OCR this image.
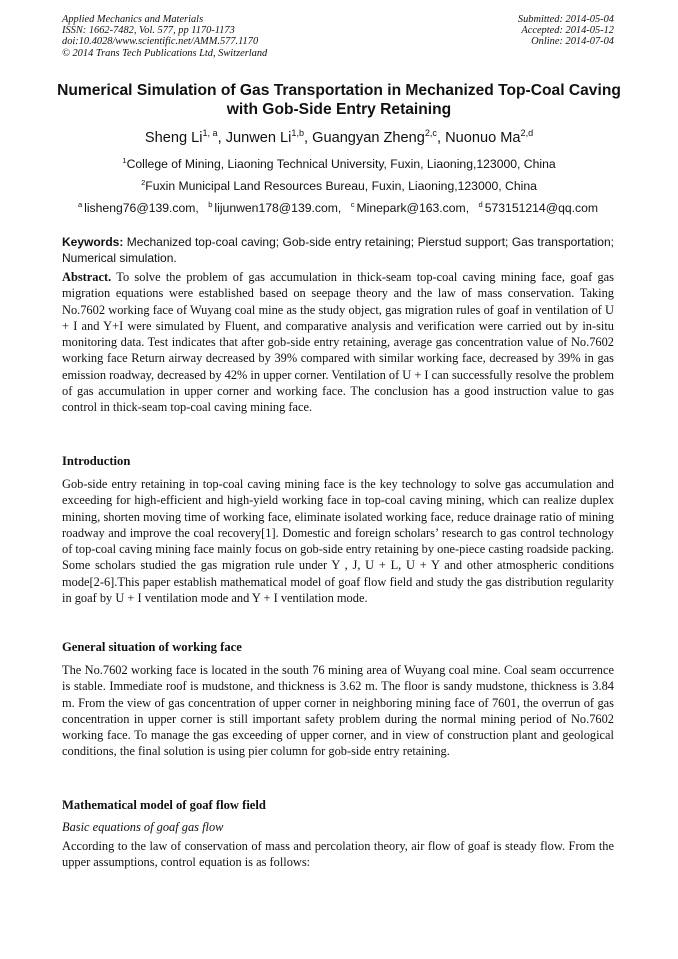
Applied Mechanics and Materials
ISSN: 1662-7482, Vol. 577, pp 1170-1173
doi:10.4028/www.scientific.net/AMM.577.1170
© 2014 Trans Tech Publications Ltd, Switzerland
Submitted: 2014-05-04
Accepted: 2014-05-12
Online: 2014-07-04
Numerical Simulation of Gas Transportation in Mechanized Top-Coal Caving with Gob-Side Entry Retaining
Sheng Li$^{1, a}$, Junwen Li$^{1,b}$, Guangyan Zheng$^{2,c}$, Nuonuo Ma$^{2,d}$
$^1$College of Mining, Liaoning Technical University, Fuxin, Liaoning,123000, China
$^2$Fuxin Municipal Land Resources Bureau, Fuxin, Liaoning,123000, China
$^a$ lisheng76@139.com, $^b$ lijunwen178@139.com, $^c$ Minepark@163.com, $^d$ 573151214@qq.com
Keywords: Mechanized top-coal caving; Gob-side entry retaining; Pierstud support; Gas transportation; Numerical simulation.
Abstract. To solve the problem of gas accumulation in thick-seam top-coal caving mining face, goaf gas migration equations were established based on seepage theory and the law of mass conservation. Taking No.7602 working face of Wuyang coal mine as the study object, gas migration rules of goaf in ventilation of U + I and Y+I were simulated by Fluent, and comparative analysis and verification were carried out by in-situ monitoring data. Test indicates that after gob-side entry retaining, average gas concentration value of No.7602 working face Return airway decreased by 39% compared with similar working face, decreased by 39% in gas emission roadway, decreased by 42% in upper corner. Ventilation of U + I can successfully resolve the problem of gas accumulation in upper corner and working face. The conclusion has a good instruction value to gas control in thick-seam top-coal caving mining face.
Introduction
Gob-side entry retaining in top-coal caving mining face is the key technology to solve gas accumulation and exceeding for high-efficient and high-yield working face in top-coal caving mining, which can realize duplex mining, shorten moving time of working face, eliminate isolated working face, reduce drainage ratio of mining roadway and improve the coal recovery[1]. Domestic and foreign scholars’ research to gas control technology of top-coal caving mining face mainly focus on gob-side entry retaining by one-piece casting roadside packing. Some scholars studied the gas migration rule under Y , J, U + L, U + Y and other atmospheric conditions mode[2-6].This paper establish mathematical model of goaf flow field and study the gas distribution regularity in goaf by U + I ventilation mode and Y + I ventilation mode.
General situation of working face
The No.7602 working face is located in the south 76 mining area of Wuyang coal mine. Coal seam occurrence is stable. Immediate roof is mudstone, and thickness is 3.62 m. The floor is sandy mudstone, thickness is 3.84 m. From the view of gas concentration of upper corner in neighboring mining face of 7601, the overrun of gas concentration in upper corner is still important safety problem during the normal mining period of No.7602 working face. To manage the gas exceeding of upper corner, and in view of construction plant and geological conditions, the final solution is using pier column for gob-side entry retaining.
Mathematical model of goaf flow field
Basic equations of goaf gas flow
According to the law of conservation of mass and percolation theory, air flow of goaf is steady flow. From the upper assumptions, control equation is as follows:
